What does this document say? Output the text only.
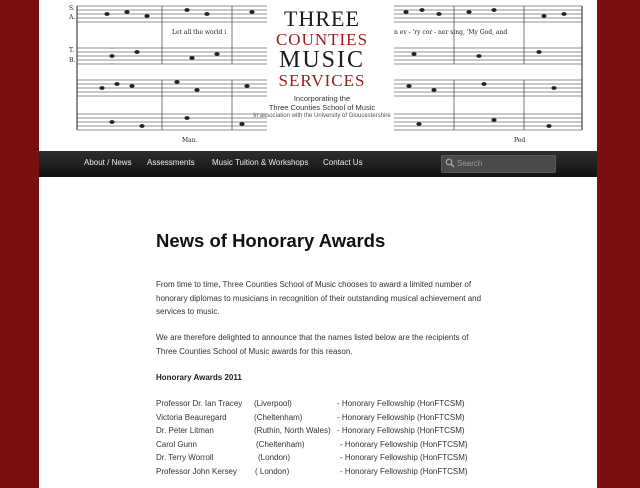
S.
A.
T.
B.
Let all the world i
Man.
n ev - 'ry cor - ner sing, 'My God, and
Ped
THREE
COUNTIES
MUSIC
SERVICES
Incorporating the
Three Counties School of Music
In association with the University of Gloucestershire
About / News Assessments Music Tuition & Workshops Contact Us
Search
News of Honorary Awards

From time to time, Three Counties School of Music chooses to award a limited number of honorary diplomas to musicians in recognition of their outstanding musical achievement and services to music.

We are therefore delighted to announce that the names listed below are the recipients of Three Counties School of Music awards for this reason.

Honorary Awards 2011
Professor Dr. Ian Tracey (Liverpool)	- Honorary Fellowship (HonFTCSM)
Victoria Beauregard	(Cheltenham)	- Honorary Fellowship (HonFTCSM)
Dr. Peter Litman	(Ruthin, North Wales) - Honorary Fellowship (HonFTCSM)
Carol Gunn	(Cheltenham)	- Honorary Fellowship (HonFTCSM)
Dr. Terry Worroll	(London)	- Honorary Fellowship (HonFTCSM)
Professor John Kersey ( London)	- Honorary Fellowship (HonFTCSM)
